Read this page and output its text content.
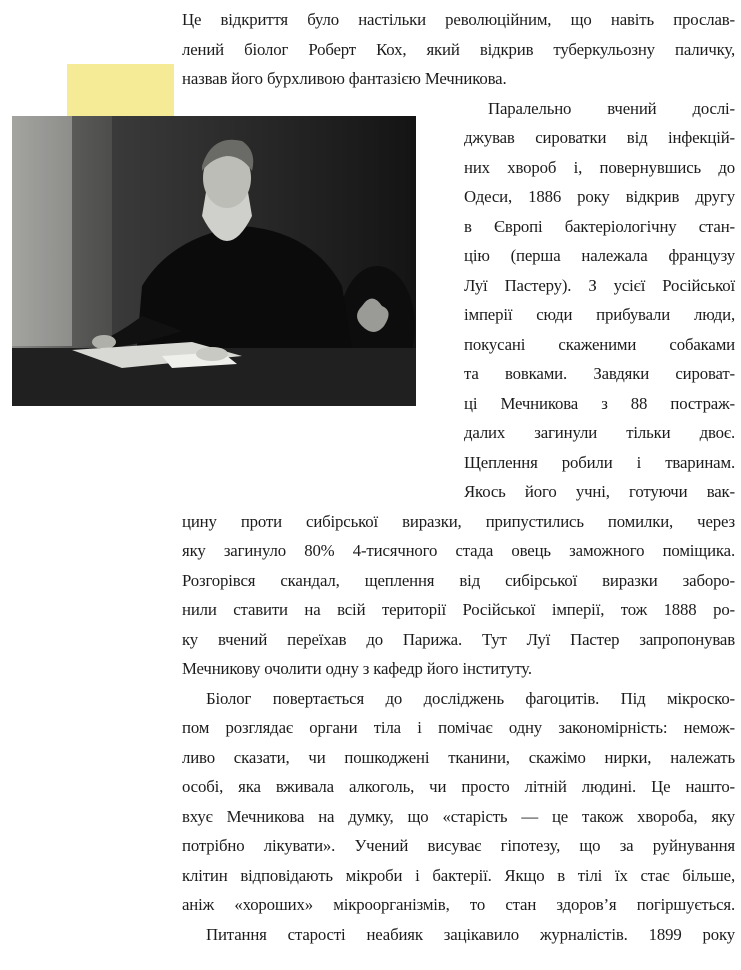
Це відкриття було настільки революційним, що навіть прослав-
лений біолог Роберт Кох, який відкрив туберкульозну паличку,
назвав його бурхливою фантазією Мечникова.
Паралельно вчений дослі-
джував сироватки від інфекцій-
них хвороб і, повернувшись до
Одеси, 1886 року відкрив другу
в Європі бактеріологічну стан-
цію (перша належала французу
Луї Пастеру). З усієї Російської
імперії сюди прибували люди,
покусані скаженими собаками
та вовками. Завдяки сироват-
ці Мечникова з 88 постраж-
далих загинули тільки двоє.
Щеплення робили і тваринам.
Якось його учні, готуючи вак-
цину проти сибірської виразки, припустились помилки, через
яку загинуло 80% 4-тисячного стада овець заможного поміщика.
Розгорівся скандал, щеплення від сибірської виразки заборо-
нили ставити на всій території Російської імперії, тож 1888 ро-
ку вчений переїхав до Парижа. Тут Луї Пастер запропонував
Мечникову очолити одну з кафедр його інституту.
Біолог повертається до досліджень фагоцитів. Під мікроско-
пом розглядає органи тіла і помічає одну закономірність: немож-
ливо сказати, чи пошкоджені тканини, скажімо нирки, належать
особі, яка вживала алкоголь, чи просто літній людині. Це нашто-
вхує Мечникова на думку, що «старість — це також хвороба, яку
потрібно лікувати». Учений висуває гіпотезу, що за руйнування
клітин відповідають мікроби і бактерії. Якщо в тілі їх стає більше,
аніж «хороших» мікроорганізмів, то стан здоров’я погіршується.
Питання старості неабияк зацікавило журналістів. 1899 року
